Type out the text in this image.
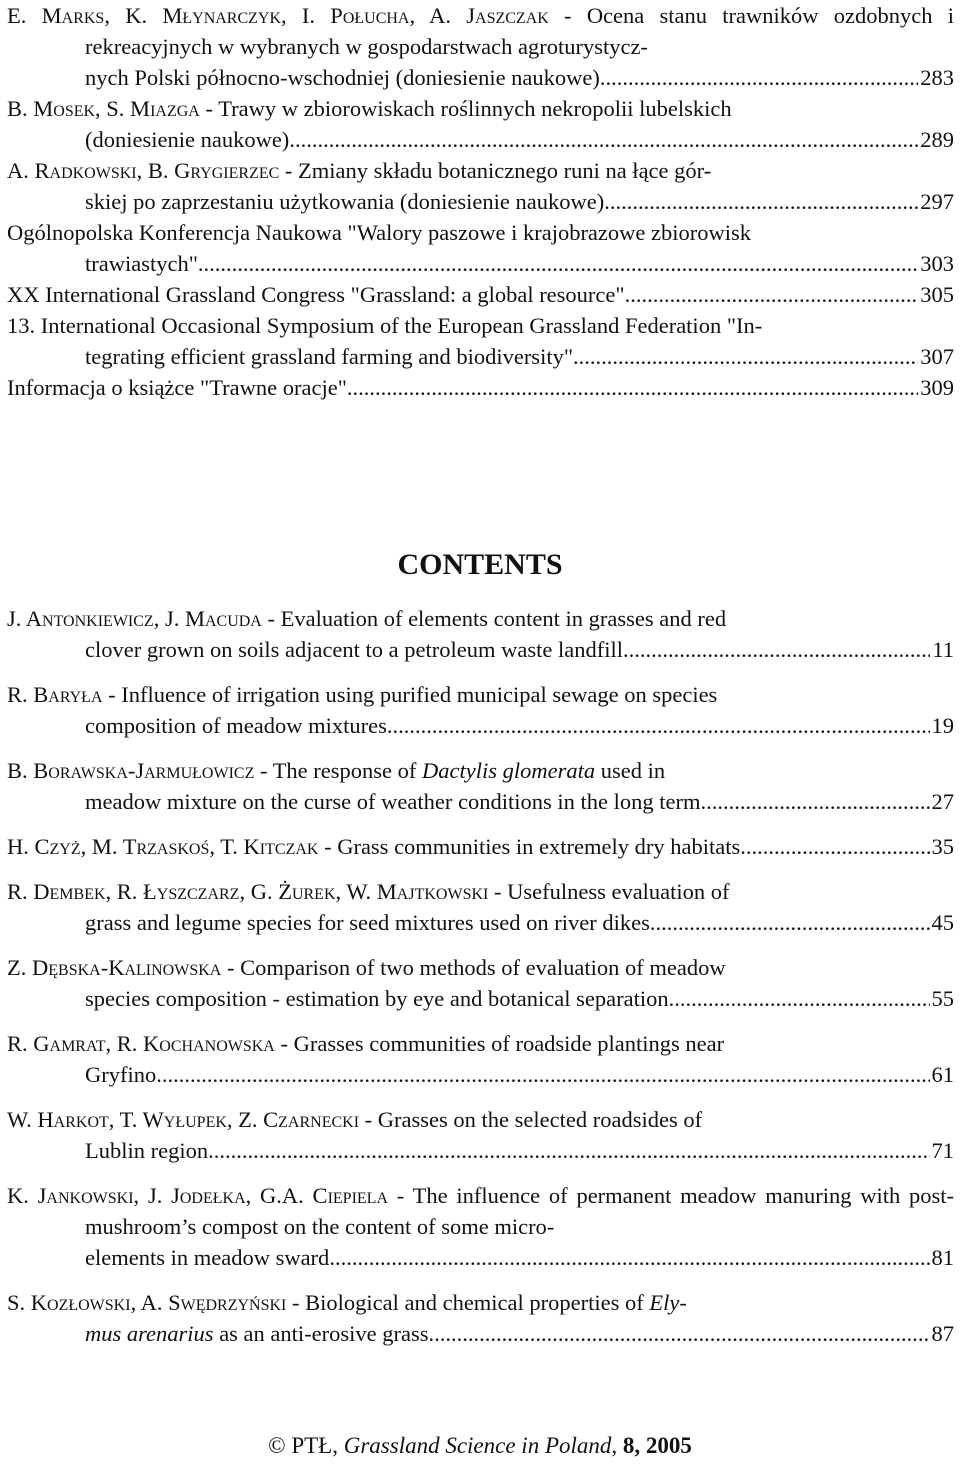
E. Marks, K. Młynarczyk, I. Połucha, A. Jaszczak - Ocena stanu trawników ozdobnych i rekreacyjnych w wybranych w gospodarstwach agroturystycz-
nych Polski północno-wschodniej (doniesienie naukowe). .....	283
B. Mosek, S. Miazga - Trawy w zbiorowiskach roślinnych nekropolii lubelskich
(doniesienie naukowe) .....	289
A. Radkowski, B. Grygierzec - Zmiany składu botanicznego runi na łące gór-
skiej po zaprzestaniu użytkowania (doniesienie naukowe) .....	297
Ogólnopolska Konferencja Naukowa "Walory paszowe i krajobrazowe zbiorowisk
trawiastych" .....	303
XX International Grassland Congress "Grassland: a global resource" .....	305
13. International Occasional Symposium of the European Grassland Federation "In-
tegrating efficient grassland farming and biodiversity" .....	307
Informacja o książce "Trawne oracje" .....	309
CONTENTS
J. Antonkiewicz, J. Macuda - Evaluation of elements content in grasses and red
clover grown on soils adjacent to a petroleum waste landfill .....	11
R. Baryła - Influence of irrigation using purified municipal sewage on species
composition of meadow mixtures .....	19
B. Borawska-Jarmułowicz - The response of Dactylis glomerata used in
meadow mixture on the curse of weather conditions in the long term .....	27
H. Czyż, M. Trzaskoś, T. Kitczak - Grass communities in extremely dry habitats .....	35
R. Dembek, R. Łyszczarz, G. Żurek, W. Majtkowski - Usefulness evaluation of
grass and legume species for seed mixtures used on river dikes .....	45
Z. Dębska-Kalinowska - Comparison of two methods of evaluation of meadow
species composition - estimation by eye and botanical separation .....	55
R. Gamrat, R. Kochanowska - Grasses communities of roadside plantings near
Gryfino .....	61
W. Harkot, T. Wyłupek, Z. Czarnecki - Grasses on the selected roadsides of
Lublin region. .....	71
K. Jankowski, J. Jodełka, G.A. Ciepiela - The influence of permanent meadow manuring with post-mushroom’s compost on the content of some micro-
elements in meadow sward .....	81
S. Kozłowski, A. Swędrzyński - Biological and chemical properties of Ely-
mus arenarius as an anti-erosive grass .....	87
© PTŁ, Grassland Science in Poland, 8, 2005
